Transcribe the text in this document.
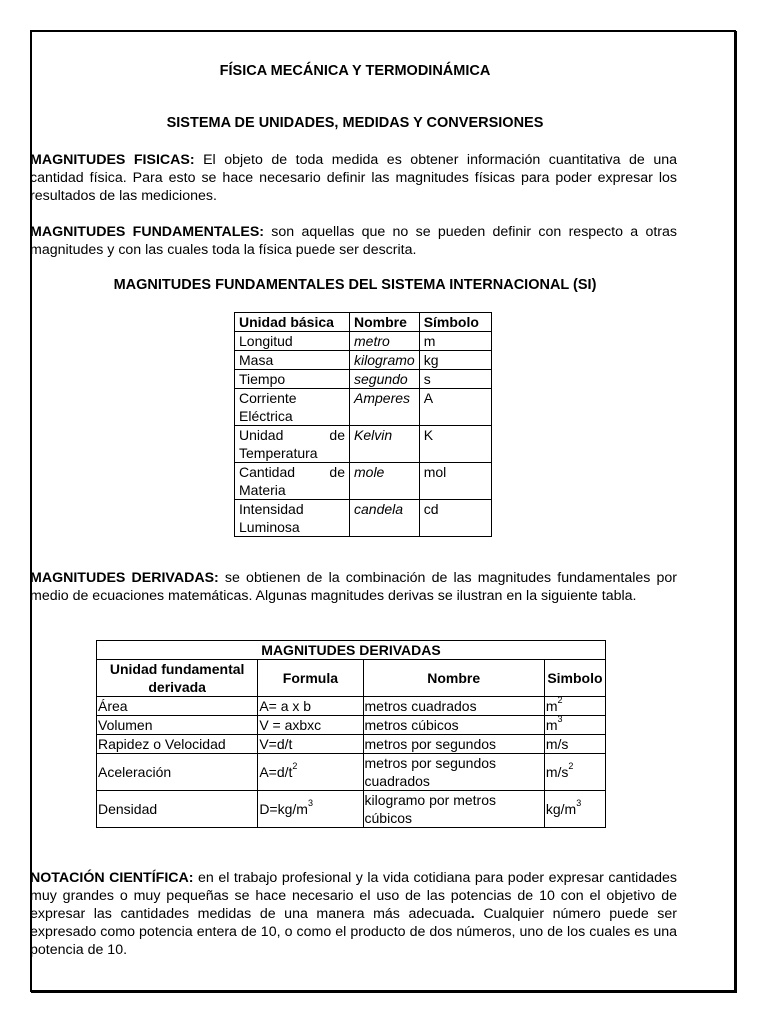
FÍSICA MECÁNICA Y TERMODINÁMICA
SISTEMA DE UNIDADES, MEDIDAS Y CONVERSIONES
MAGNITUDES FISICAS: El objeto de toda medida es obtener información cuantitativa de una cantidad física. Para esto se hace necesario definir las magnitudes físicas para poder expresar los resultados de las mediciones.
MAGNITUDES FUNDAMENTALES: son aquellas que no se pueden definir con respecto a otras magnitudes y con las cuales toda la física puede ser descrita.
MAGNITUDES FUNDAMENTALES DEL SISTEMA INTERNACIONAL (SI)
Unidad básica	Nombre	Símbolo

Longitud	metro	m

Masa	kilogramo	kg

Tiempo	segundo	s

Corriente
Eléctrica	Amperes	A

Unidad de
Temperatura	Kelvin	K

Cantidad de
Materia	mole	mol

Intensidad
Luminosa	candela	cd
MAGNITUDES DERIVADAS: se obtienen de la combinación de las magnitudes fundamentales por medio de ecuaciones matemáticas. Algunas magnitudes derivas se ilustran en la siguiente tabla.
MAGNITUDES DERIVADAS			
Unidad fundamental derivada	Formula	Nombre	Simbolo
Área	A= a x b	metros cuadrados	$m^2$
Volumen	V = axbxc	metros cúbicos	$m^3$
Rapidez o Velocidad	V=d/t	metros por segundos	m/s
Aceleración	$A=d/t^2$	metros por segundos cuadrados	$m/s^2$
Densidad	$D=kg/m^3$	kilogramo por metros cúbicos	$kg/m^3$
NOTACIÓN CIENTÍFICA: en el trabajo profesional y la vida cotidiana para poder expresar cantidades muy grandes o muy pequeñas se hace necesario el uso de las potencias de 10 con el objetivo de expresar las cantidades medidas de una manera más adecuada. Cualquier número puede ser expresado como potencia entera de 10, o como el producto de dos números, uno de los cuales es una potencia de 10.
